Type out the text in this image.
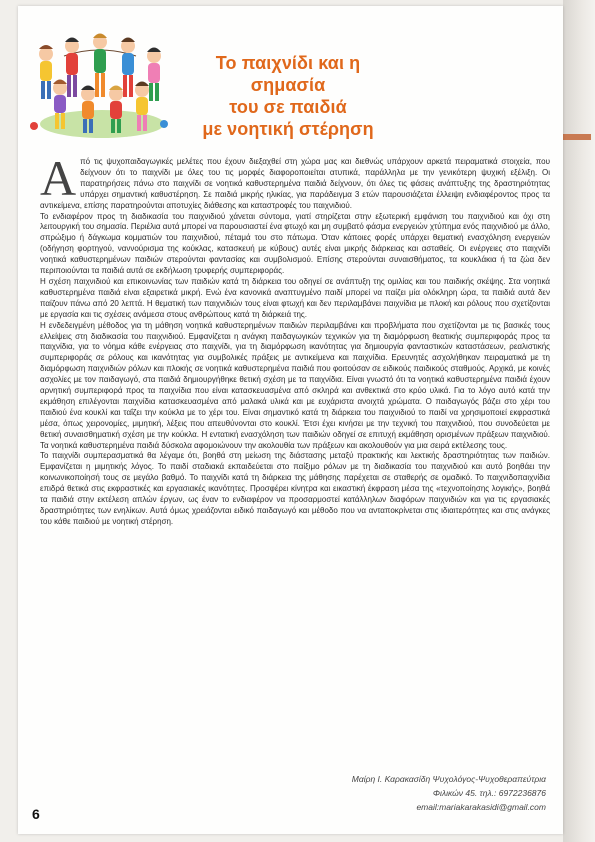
Το παιχνίδι και η σημασία
του σε παιδιά
με νοητική στέρηση

Από τις ψυχοπαιδαγωγικές μελέτες που έχουν διεξαχθεί στη χώρα μας και διεθνώς υπάρχουν αρκετά πειραματικά στοιχεία, που δείχνουν ότι το παιχνίδι με όλες του τις μορφές διαφοροποιείται ατυπικά, παράλληλα με την γενικότερη ψυχική εξέλιξη. Οι παρατηρήσεις πάνω στο παιχνίδι σε νοητικά καθυστερημένα παιδιά δείχνουν, ότι όλες τις φάσεις ανάπτυξης της δραστηριότητας υπάρχει σημαντική καθυστέρηση. Σε παιδιά μικρής ηλικίας, για παράδειγμα 3 ετών παρουσιάζεται έλλειψη ενδιαφέροντος προς τα αντικείμενα, επίσης παρατηρούνται αποτυχίες διάθεσης και καταστροφές του παιχνιδιού.

Το ενδιαφέρον προς τη διαδικασία του παιχνιδιού χάνεται σύντομα, γιατί στηρίζεται στην εξωτερική εμφάνιση του παιχνιδιού και όχι στη λειτουργική του σημασία. Περιέλια αυτά μπορεί να παρουσιαστεί ένα φτωχό και μη συμβατό φάσμα ενεργειών χτύπημα ενός παιχνιδιού με άλλο, σπρώξιμο ή δάγκωμα κομματιών του παιχνιδιού, πέταμά του στο πάτωμα. Όταν κάποιες φορές υπάρχει θεματική ενασχόληση ενεργειών (οδήγηση φορτηγού, ναννούρισμα της κούκλας, κατασκευή με κύβους) αυτές είναι μικρής διάρκειας και ασταθείς. Οι ενέργειες στο παιχνίδι νοητικά καθυστερημένων παιδιών στερούνται φαντασίας και συμβολισμού. Επίσης στερούνται συναισθήματος, τα κουκλάκια ή τα ζώα δεν περιποιούνται τα παιδιά αυτά σε εκδήλωση τρυφερής συμπεριφοράς.

Η σχέση παιχνιδιού και επικοινωνίας των παιδιών κατά τη διάρκεια του οδηγεί σε ανάπτυξη της ομιλίας και του παιδικής σκέψης. Στα νοητικά καθυστερημένα παιδιά είναι εξαιρετικά μικρή. Ενώ ένα κανονικά αναπτυγμένο παιδί μπορεί να παίζει μία ολόκληρη ώρα, τα παιδιά αυτά δεν παίζουν πάνω από 20 λεπτά. Η θεματική των παιχνιδιών τους είναι φτωχή και δεν περιλαμβάνει παιχνίδια με πλοκή και ρόλους που σχετίζονται με εργασία και τις σχέσεις ανάμεσα στους ανθρώπους κατά τη διάρκειά της.

Η ενδεδειγμένη μέθοδος για τη μάθηση νοητικά καθυστερημένων παιδιών περιλαμβάνει και προβλήματα που σχετίζονται με τις βασικές τους ελλείψεις στη διαδικασία του παιχνιδιού. Εμφανίζεται η ανάγκη παιδαγωγικών τεχνικών για τη διαμόρφωση θεατικής συμπεριφοράς προς τα παιχνίδια, για το νόημα κάθε ενέργειας στο παιχνίδι, για τη διαμόρφωση ικανότητας για δημιουργία φανταστικών καταστάσεων, ρεαλιστικής συμπεριφοράς σε ρόλους και ικανότητας για συμβολικές πράξεις με αντικείμενα και παιχνίδια. Ερευνητές ασχολήθηκαν πειραματικά με τη διαμόρφωση παιχνιδιών ρόλων και πλοκής σε νοητικά καθυστερημένα παιδιά που φοιτούσαν σε ειδικούς παιδικούς σταθμούς. Αρχικά, με κοινές ασχολίες με τον παιδαγωγό, στα παιδιά δημιουργήθηκε θετική σχέση με τα παιχνίδια. Είναι γνωστό ότι τα νοητικά καθυστερημένα παιδιά έχουν αρνητική συμπεριφορά προς τα παιχνίδια που είναι κατασκευασμένα από σκληρά και ανθεκτικά στο κρύο υλικά. Για το λόγο αυτό κατά την εκμάθηση επιλέγονται παιχνίδια κατασκευασμένα από μαλακά υλικά και με ευχάριστα ανοιχτά χρώματα. Ο παιδαγωγός βάζει στο χέρι του παιδιού ένα κουκλί και ταΐζει την κούκλα με το χέρι του. Είναι σημαντικό κατά τη διάρκεια του παιχνιδιού το παιδί να χρησιμοποιεί εκφραστικά μέσα, όπως χειρονομίες, μιμητική, λέξεις που απευθύνονται στο κουκλί. Έτσι έχει κινήσει με την τεχνική του παιχνιδιού, που συνοδεύεται με θετική συναισθηματική σχέση με την κούκλα. Η εντατική ενασχόληση των παιδιών οδηγεί σε επιτυχή εκμάθηση ορισμένων πράξεων παιχνιδιού. Τα νοητικά καθυστερημένα παιδιά δύσκολα αφομοιώνουν την ακολουθία των πράξεων και ακολουθούν για μια σειρά εκτέλεσης τους.

Το παιχνίδι συμπερασματικά θα λέγαμε ότι, βοηθά στη μείωση της διάστασης μεταξύ πρακτικής και λεκτικής δραστηριότητας των παιδιών. Εμφανίζεται η μιμητικής λόγος. Το παιδί σταδιακά εκπαιδεύεται στο παίξιμο ρόλων με τη διαδικασία του παιχνιδιού και αυτό βοηθάει την κοινωνικοποίησή τους σε μεγάλο βαθμό. Το παιχνίδι κατά τη διάρκεια της μάθησης παρέχεται σε σταθερής σε ομαδικό. Το παιχνιδοπαιχνίδια επιδρά θετικά στις εκφραστικές και εργασιακές ικανότητες. Προσφέρει κίνητρα και εικαστική έκφραση μέσα της «τεχνοποίησης λογικής», βοηθά τα παιδιά στην εκτέλεση απλών έργων, ως έναν το ενδιαφέρον να προσαρμοστεί κατάλληλων διαφόρων παιχνιδιών και για τις εργασιακές δραστηριότητες των ενηλίκων. Αυτά όμως χρειάζονται ειδικό παιδαγωγό και μέθοδο που να ανταποκρίνεται στις ιδιαιτερότητες και στις ανάγκες του κάθε παιδιού με νοητική στέρηση.

Μαίρη Ι. Καρακασίδη Ψυχολόγος-Ψυχοθεραπεύτρια
Φιλικών 45. τηλ.: 6972236876 email:mariakarakasidi@gmail.com
6
